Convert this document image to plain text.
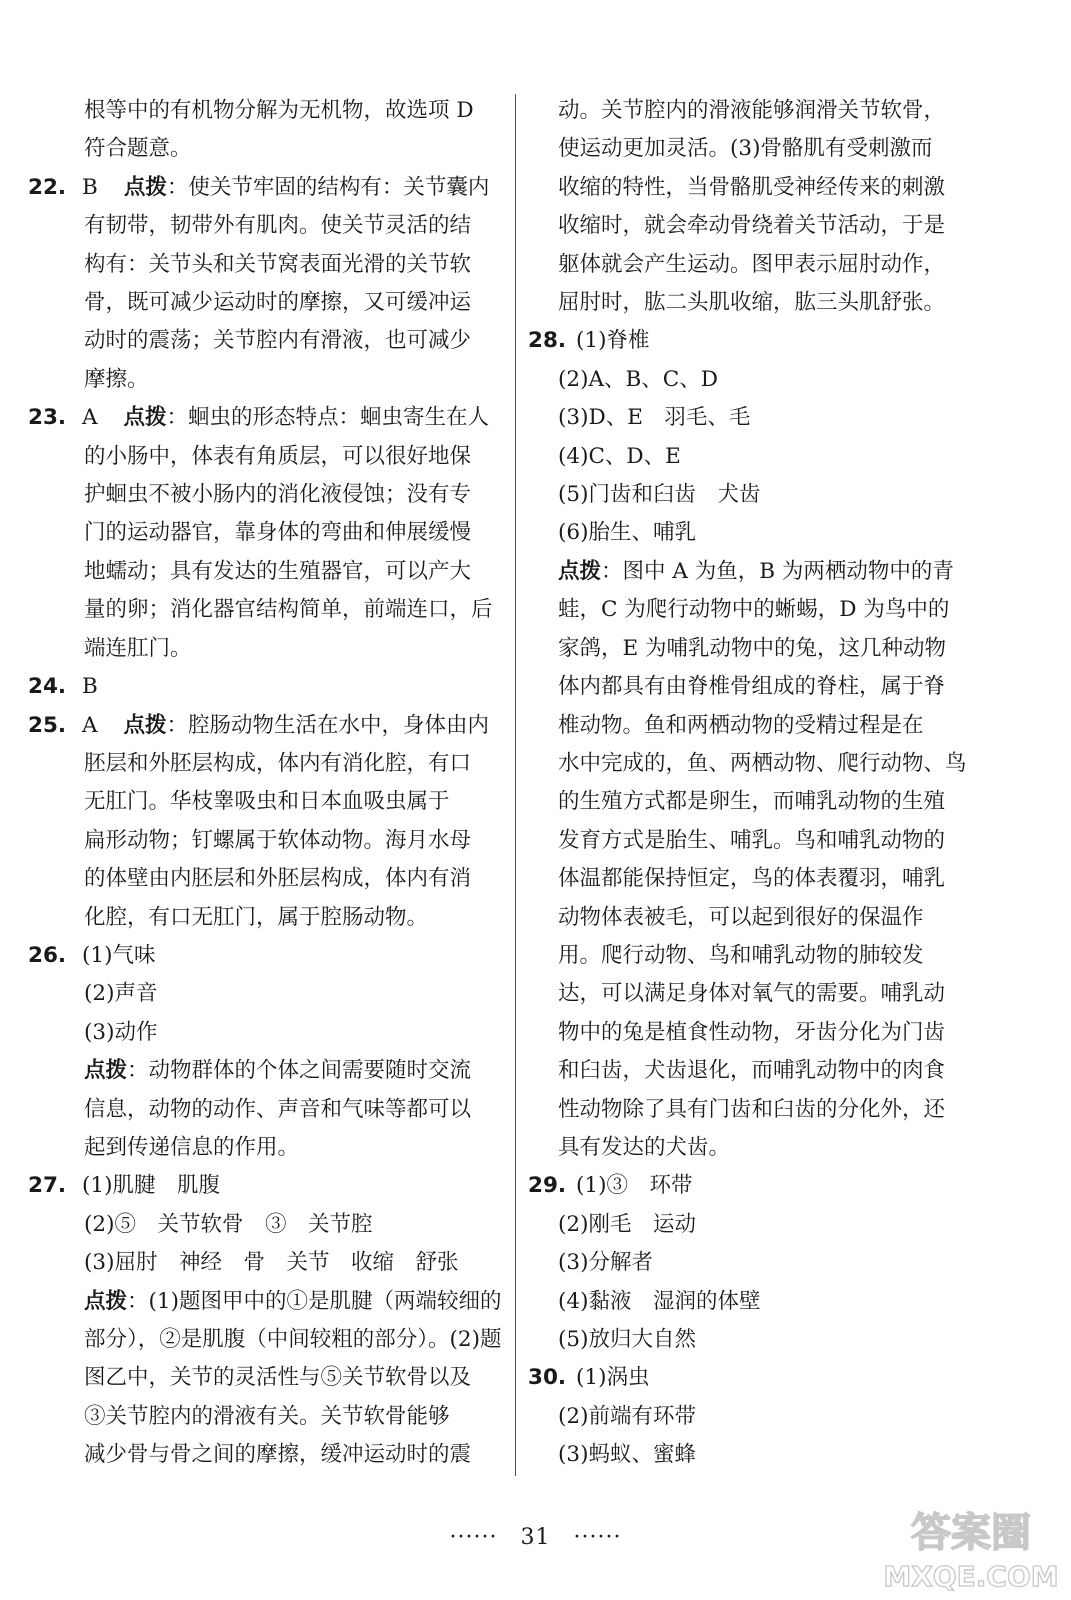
根等中的有机物分解为无机物，故选项 D
符合题意。
22. B 点拨：使关节牢固的结构有：关节囊内
有韧带，韧带外有肌肉。使关节灵活的结
构有：关节头和关节窝表面光滑的关节软
骨，既可减少运动时的摩擦，又可缓冲运
动时的震荡；关节腔内有滑液，也可减少
摩擦。
23. A 点拨：蛔虫的形态特点：蛔虫寄生在人
的小肠中，体表有角质层，可以很好地保
护蛔虫不被小肠内的消化液侵蚀；没有专
门的运动器官，靠身体的弯曲和伸展缓慢
地蠕动；具有发达的生殖器官，可以产大
量的卵；消化器官结构简单，前端连口，后
端连肛门。
24. B
25. A 点拨：腔肠动物生活在水中，身体由内
胚层和外胚层构成，体内有消化腔，有口
无肛门。华枝睾吸虫和日本血吸虫属于
扁形动物；钉螺属于软体动物。海月水母
的体壁由内胚层和外胚层构成，体内有消
化腔，有口无肛门，属于腔肠动物。
26. (1)气味
(2)声音
(3)动作
点拨：动物群体的个体之间需要随时交流
信息，动物的动作、声音和气味等都可以
起到传递信息的作用。
27. (1)肌腱　肌腹
(2)⑤　关节软骨　③　关节腔
(3)屈肘　神经　骨　关节　收缩　舒张
点拨：(1)题图甲中的①是肌腱（两端较细的
部分），②是肌腹（中间较粗的部分）。(2)题
图乙中，关节的灵活性与⑤关节软骨以及
③关节腔内的滑液有关。关节软骨能够
减少骨与骨之间的摩擦，缓冲运动时的震
动。关节腔内的滑液能够润滑关节软骨，
使运动更加灵活。(3)骨骼肌有受刺激而
收缩的特性，当骨骼肌受神经传来的刺激
收缩时，就会牵动骨绕着关节活动，于是
躯体就会产生运动。图甲表示屈肘动作，
屈肘时，肱二头肌收缩，肱三头肌舒张。
28. (1)脊椎
(2)A、B、C、D
(3)D、E　羽毛、毛
(4)C、D、E
(5)门齿和臼齿　犬齿
(6)胎生、哺乳
点拨：图中 A 为鱼，B 为两栖动物中的青
蛙，C 为爬行动物中的蜥蜴，D 为鸟中的
家鸽，E 为哺乳动物中的兔，这几种动物
体内都具有由脊椎骨组成的脊柱，属于脊
椎动物。鱼和两栖动物的受精过程是在
水中完成的，鱼、两栖动物、爬行动物、鸟
的生殖方式都是卵生，而哺乳动物的生殖
发育方式是胎生、哺乳。鸟和哺乳动物的
体温都能保持恒定，鸟的体表覆羽，哺乳
动物体表被毛，可以起到很好的保温作
用。爬行动物、鸟和哺乳动物的肺较发
达，可以满足身体对氧气的需要。哺乳动
物中的兔是植食性动物，牙齿分化为门齿
和臼齿，犬齿退化，而哺乳动物中的肉食
性动物除了具有门齿和臼齿的分化外，还
具有发达的犬齿。
29. (1)③　环带
(2)刚毛　运动
(3)分解者
(4)黏液　湿润的体壁
(5)放归大自然
30. (1)涡虫
(2)前端有环带
(3)蚂蚁、蜜蜂
······　31　······	答案圈
MXQE.COM
